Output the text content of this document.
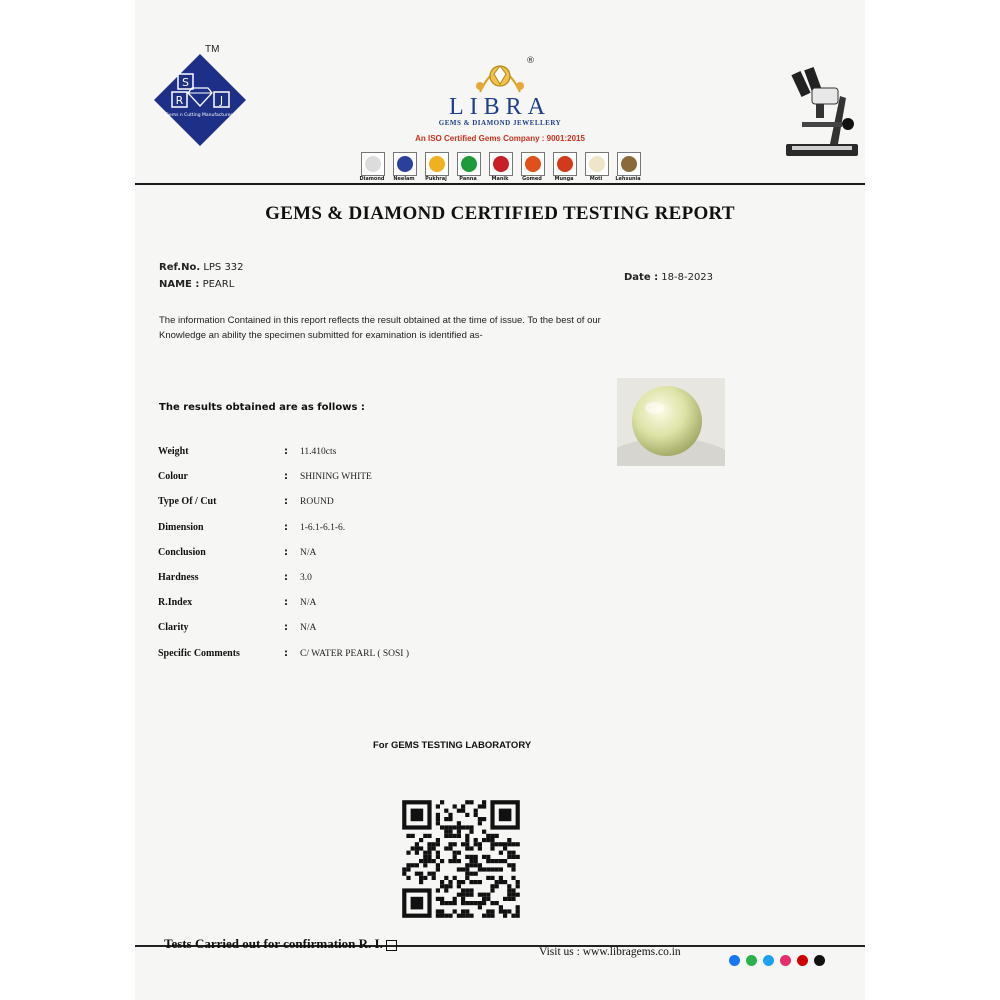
S
R	J
Gems n Cutting Manufacturers
TM
®
LIBRA
GEMS & DIAMOND JEWELLERY
An ISO Certified Gems Company : 9001:2015
Diamond	Neelam	Pukhraj	Panna	Manik	Gomed	Munga	Moti	Lehsunia
GEMS & DIAMOND CERTIFIED TESTING REPORT
Ref.No. LPS 332
NAME : PEARL
Date : 18-8-2023
The information Contained in this report reflects the result obtained at the time of issue. To the best of our
Knowledge an ability the specimen submitted for examination is identified as-
The results obtained are as follows :
Weight	: 11.410cts
Colour	: SHINING WHITE
Type Of / Cut	: ROUND
Dimension	: 1-6.1-6.1-6.
Conclusion	: N/A
Hardness	: 3.0
R.Index	: N/A
Clarity	: N/A
Specific Comments	: C/ WATER PEARL ( SOSI )
For GEMS TESTING LABORATORY
Tests Carried out for confirmation R. I.
Visit us : www.libragems.co.in
